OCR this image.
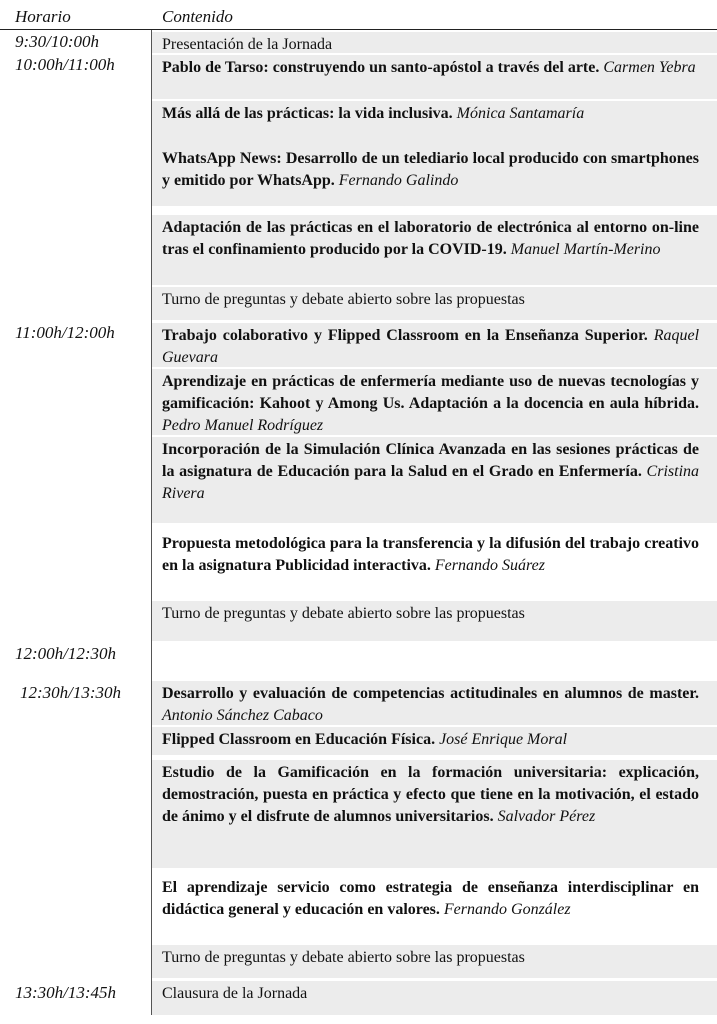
Horario	Contenido
9:30/10:00h
10:00h/11:00h
11:00h/12:00h
12:00h/12:30h
12:30h/13:30h
13:30h/13:45h
Presentación de la Jornada
Pablo de Tarso: construyendo un santo-apóstol a través del arte. Carmen Yebra
Más allá de las prácticas: la vida inclusiva. Mónica Santamaría
WhatsApp News: Desarrollo de un telediario local producido con smartphones y emitido por WhatsApp. Fernando Galindo
Adaptación de las prácticas en el laboratorio de electrónica al entorno on-line tras el confinamiento producido por la COVID-19. Manuel Martín-Merino
Turno de preguntas y debate abierto sobre las propuestas
Trabajo colaborativo y Flipped Classroom en la Enseñanza Superior. Raquel Guevara
Aprendizaje en prácticas de enfermería mediante uso de nuevas tecnologías y gamificación: Kahoot y Among Us. Adaptación a la docencia en aula híbrida. Pedro Manuel Rodríguez
Incorporación de la Simulación Clínica Avanzada en las sesiones prácticas de la asignatura de Educación para la Salud en el Grado en Enfermería. Cristina Rivera
Propuesta metodológica para la transferencia y la difusión del trabajo creativo en la asignatura Publicidad interactiva. Fernando Suárez
Turno de preguntas y debate abierto sobre las propuestas
Desarrollo y evaluación de competencias actitudinales en alumnos de master. Antonio Sánchez Cabaco
Flipped Classroom en Educación Física. José Enrique Moral
Estudio de la Gamificación en la formación universitaria: explicación, demostración, puesta en práctica y efecto que tiene en la motivación, el estado de ánimo y el disfrute de alumnos universitarios. Salvador Pérez
El aprendizaje servicio como estrategia de enseñanza interdisciplinar en didáctica general y educación en valores. Fernando González
Turno de preguntas y debate abierto sobre las propuestas
Clausura de la Jornada
